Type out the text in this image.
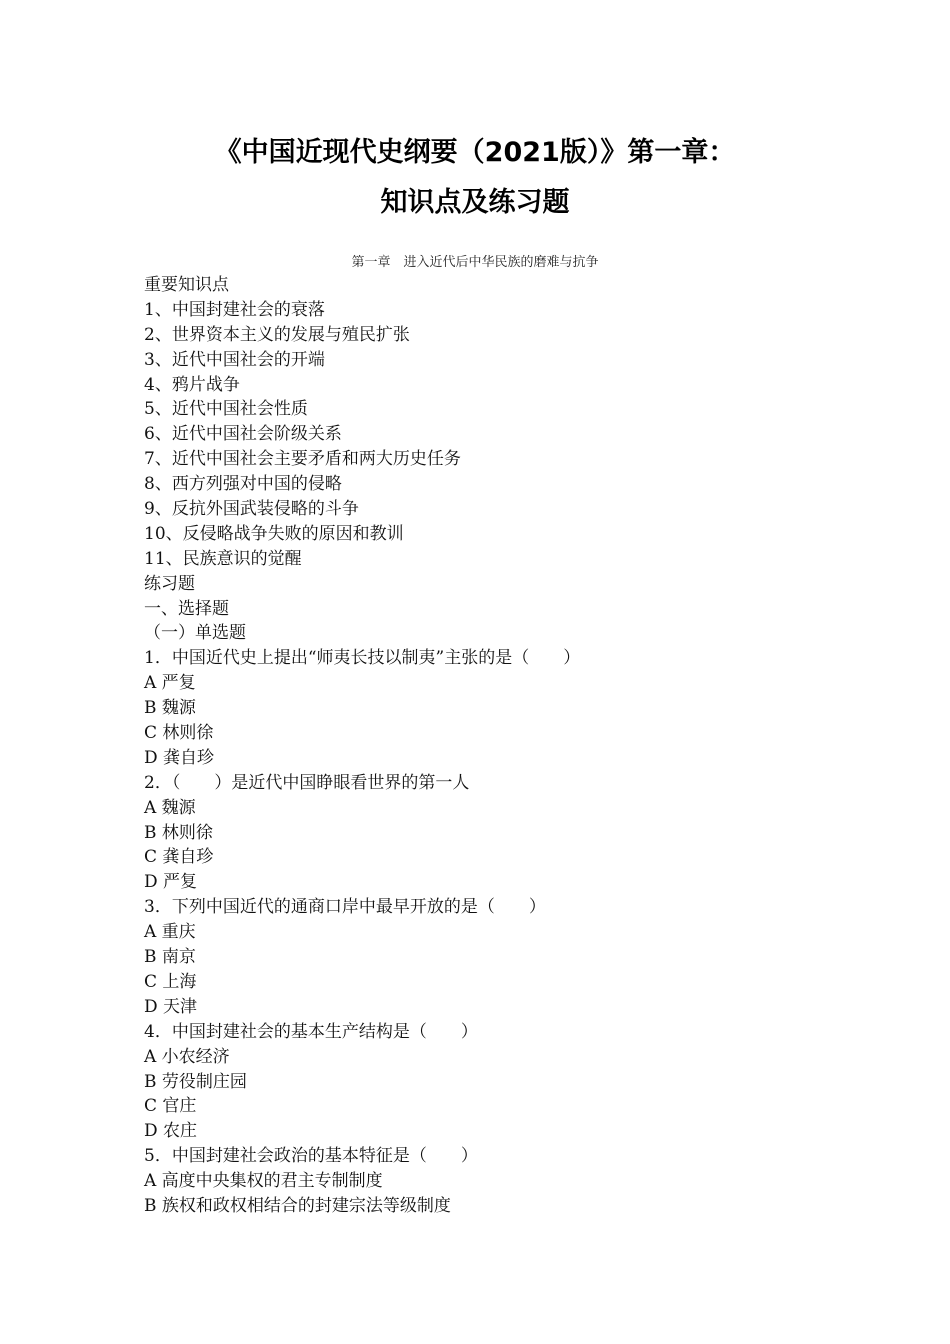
《中国近现代史纲要（2021版）》第一章：
知识点及练习题
第一章　进入近代后中华民族的磨难与抗争
重要知识点
1、中国封建社会的衰落
2、世界资本主义的发展与殖民扩张
3、近代中国社会的开端
4、鸦片战争
5、近代中国社会性质
6、近代中国社会阶级关系
7、近代中国社会主要矛盾和两大历史任务
8、西方列强对中国的侵略
9、反抗外国武装侵略的斗争
10、反侵略战争失败的原因和教训
11、民族意识的觉醒
练习题
一、选择题
（一）单选题
1．中国近代史上提出“师夷长技以制夷”主张的是（　　）
A 严复
B 魏源
C 林则徐
D 龚自珍
2．（　　）是近代中国睁眼看世界的第一人
A 魏源
B 林则徐
C 龚自珍
D 严复
3．下列中国近代的通商口岸中最早开放的是（　　）
A 重庆
B 南京
C 上海
D 天津
4．中国封建社会的基本生产结构是（　　）
A 小农经济
B 劳役制庄园
C 官庄
D 农庄
5．中国封建社会政治的基本特征是（　　）
A 高度中央集权的君主专制制度
B 族权和政权相结合的封建宗法等级制度
